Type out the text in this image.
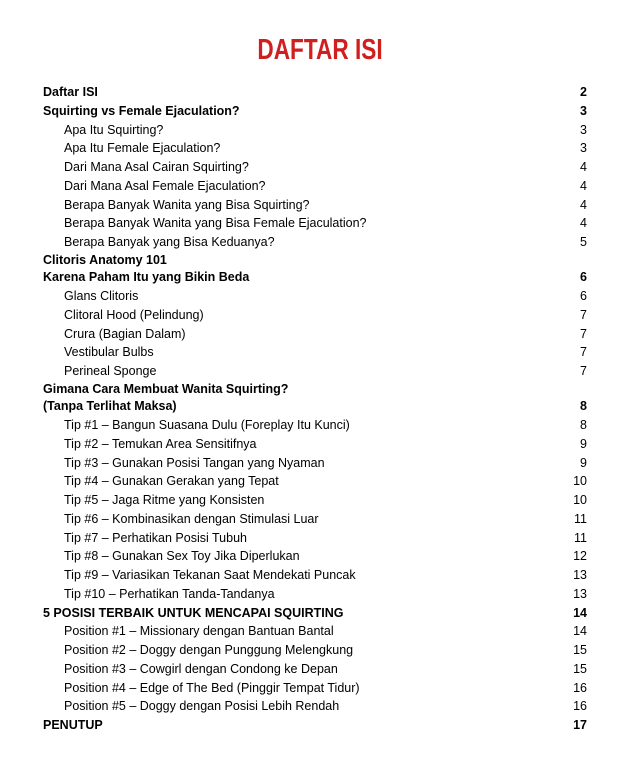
DAFTAR ISI
Daftar ISI	2
Squirting vs Female Ejaculation?	3
Apa Itu Squirting?	3
Apa Itu Female Ejaculation?	3
Dari Mana Asal Cairan Squirting?	4
Dari Mana Asal Female Ejaculation?	4
Berapa Banyak Wanita yang Bisa Squirting?	4
Berapa Banyak Wanita yang Bisa Female Ejaculation?	4
Berapa Banyak yang Bisa Keduanya?	5
Clitoris Anatomy 101
Karena Paham Itu yang Bikin Beda	6
Glans Clitoris	6
Clitoral Hood (Pelindung)	7
Crura (Bagian Dalam)	7
Vestibular Bulbs	7
Perineal Sponge	7
Gimana Cara Membuat Wanita Squirting?
(Tanpa Terlihat Maksa)	8
Tip #1 – Bangun Suasana Dulu (Foreplay Itu Kunci)	8
Tip #2 – Temukan Area Sensitifnya	9
Tip #3 – Gunakan Posisi Tangan yang Nyaman	9
Tip #4 – Gunakan Gerakan yang Tepat	10
Tip #5 – Jaga Ritme yang Konsisten	10
Tip #6 – Kombinasikan dengan Stimulasi Luar	11
Tip #7 – Perhatikan Posisi Tubuh	11
Tip #8 – Gunakan Sex Toy Jika Diperlukan	12
Tip #9 – Variasikan Tekanan Saat Mendekati Puncak	13
Tip #10 – Perhatikan Tanda-Tandanya	13
5 POSISI TERBAIK UNTUK MENCAPAI SQUIRTING	14
Position #1 – Missionary dengan Bantuan Bantal	14
Position #2 – Doggy dengan Punggung Melengkung	15
Position #3 – Cowgirl dengan Condong ke Depan	15
Position #4 – Edge of The Bed (Pinggir Tempat Tidur)	16
Position #5 – Doggy dengan Posisi Lebih Rendah	16
PENUTUP	17
